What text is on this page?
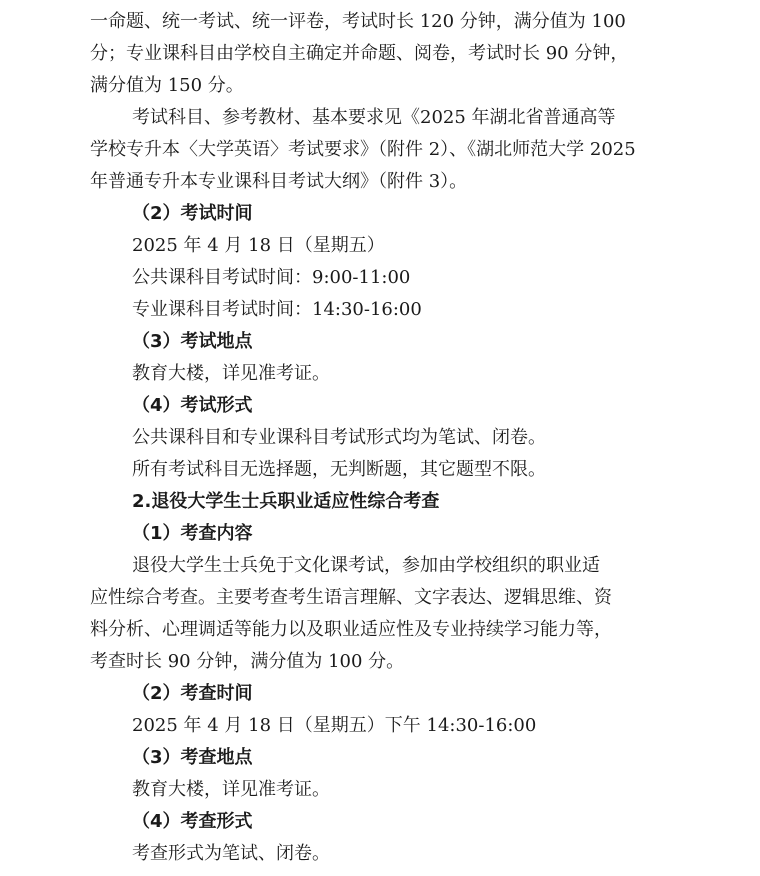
一命题、统一考试、统一评卷，考试时长 120 分钟，满分值为 100
分；专业课科目由学校自主确定并命题、阅卷，考试时长 90 分钟，
满分值为 150 分。
考试科目、参考教材、基本要求见《2025 年湖北省普通高等
学校专升本〈大学英语〉考试要求》（附件 2）、《湖北师范大学 2025
年普通专升本专业课科目考试大纲》（附件 3）。
（2）考试时间
2025 年 4 月 18 日（星期五）
公共课科目考试时间：9:00-11:00
专业课科目考试时间：14:30-16:00
（3）考试地点
教育大楼，详见准考证。
（4）考试形式
公共课科目和专业课科目考试形式均为笔试、闭卷。
所有考试科目无选择题，无判断题，其它题型不限。
2.退役大学生士兵职业适应性综合考查
（1）考查内容
退役大学生士兵免于文化课考试，参加由学校组织的职业适
应性综合考查。主要考查考生语言理解、文字表达、逻辑思维、资
料分析、心理调适等能力以及职业适应性及专业持续学习能力等，
考查时长 90 分钟，满分值为 100 分。
（2）考查时间
2025 年 4 月 18 日（星期五）下午 14:30-16:00
（3）考查地点
教育大楼，详见准考证。
（4）考查形式
考查形式为笔试、闭卷。
